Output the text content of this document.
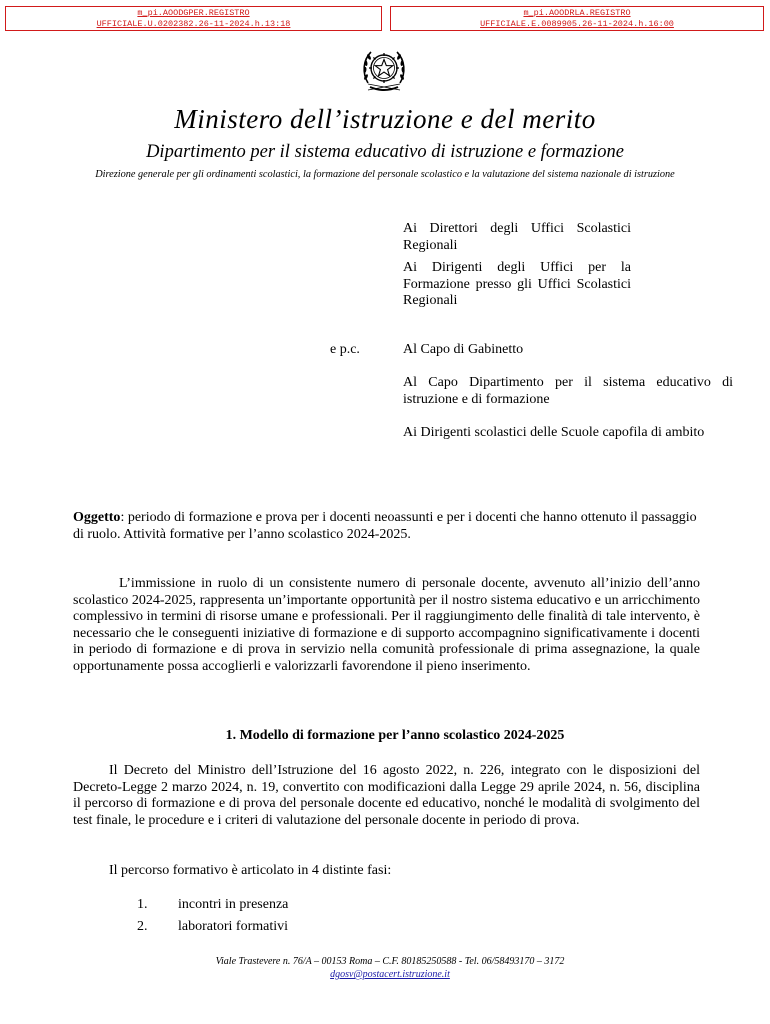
m_pi.AOODGPER.REGISTRO
UFFICIALE.U.0202382.26-11-2024.h.13:18
m_pi.AOODRLA.REGISTRO
UFFICIALE.E.0089905.26-11-2024.h.16:00
Ministero dell’istruzione e del merito
Dipartimento per il sistema educativo di istruzione e formazione
Direzione generale per gli ordinamenti scolastici, la formazione del personale scolastico e la valutazione del sistema nazionale di istruzione
Ai Direttori degli Uffici Scolastici Regionali
Ai Dirigenti degli Uffici per la Formazione presso gli Uffici Scolastici Regionali
e p.c.	Al Capo di Gabinetto
Al Capo Dipartimento per il sistema educativo di istruzione e di formazione
Ai Dirigenti scolastici delle Scuole capofila di ambito
Oggetto: periodo di formazione e prova per i docenti neoassunti e per i docenti che hanno ottenuto il passaggio di ruolo. Attività formative per l’anno scolastico 2024-2025.
L’immissione in ruolo di un consistente numero di personale docente, avvenuto all’inizio dell’anno scolastico 2024-2025, rappresenta un’importante opportunità per il nostro sistema educativo e un arricchimento complessivo in termini di risorse umane e professionali. Per il raggiungimento delle finalità di tale intervento, è necessario che le conseguenti iniziative di formazione e di supporto accompagnino significativamente i docenti in periodo di formazione e di prova in servizio nella comunità professionale di prima assegnazione, la quale opportunamente possa accoglierli e valorizzarli favorendone il pieno inserimento.
1. Modello di formazione per l’anno scolastico 2024-2025
Il Decreto del Ministro dell’Istruzione del 16 agosto 2022, n. 226, integrato con le disposizioni del Decreto-Legge 2 marzo 2024, n. 19, convertito con modificazioni dalla Legge 29 aprile 2024, n. 56, disciplina il percorso di formazione e di prova del personale docente ed educativo, nonché le modalità di svolgimento del test finale, le procedure e i criteri di valutazione del personale docente in periodo di prova.
Il percorso formativo è articolato in 4 distinte fasi:
1. incontri in presenza
2. laboratori formativi
Viale Trastevere n. 76/A – 00153 Roma – C.F. 80185250588 - Tel. 06/58493170 – 3172
dgosv@postacert.istruzione.it
